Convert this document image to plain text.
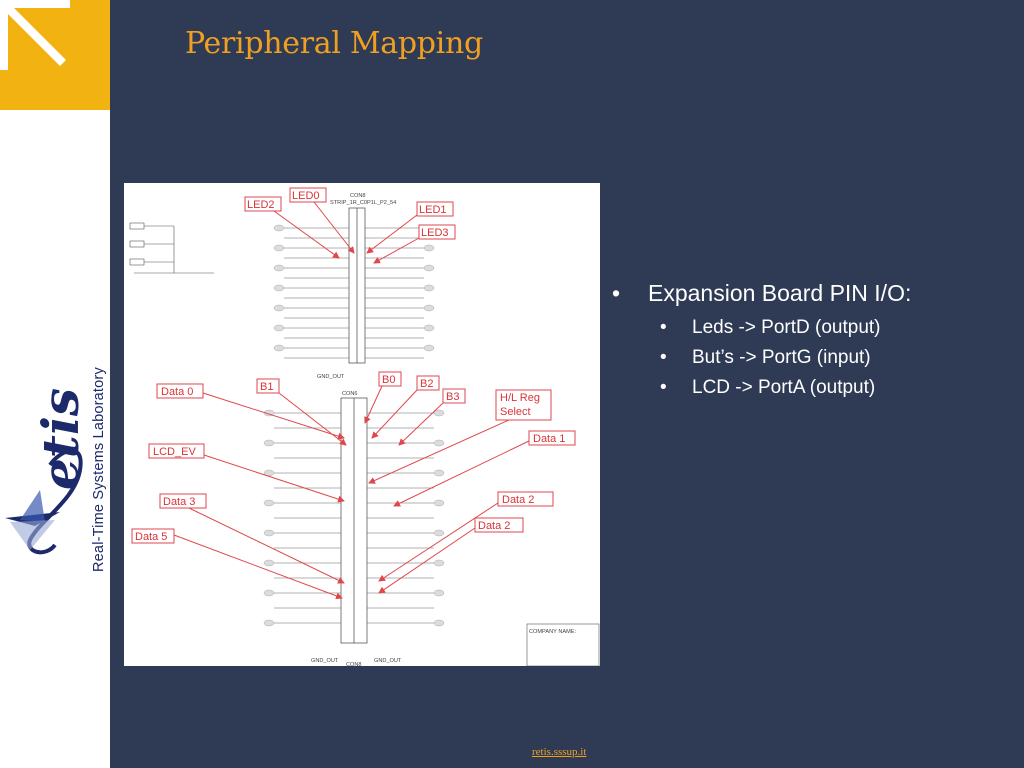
etis Real-Time Systems Laboratory
Peripheral Mapping
CON8
STRIP_1R_C0P1L_P2_54
GND_OUT
CON6
GND_OUT	GND_OUT
CON8
COMPANY NAME:
LED0
LED1
LED2
LED3
Data 0	B1
B0 B2
B3	H/L Reg
Select
Data 1
LCD_EV
Data 3	Data 2
Data 2
Data 5
• Expansion Board PIN I/O:
• Leds -> PortD (output)
• But’s -> PortG (input)
• LCD -> PortA (output)
retis.sssup.it
